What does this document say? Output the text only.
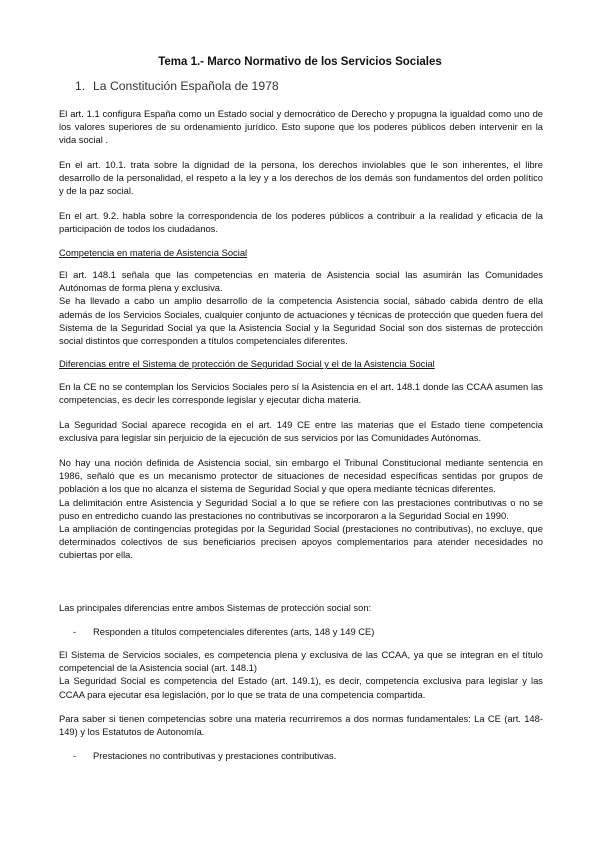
Tema 1.- Marco Normativo de los Servicios Sociales
1. La Constitución Española de 1978

El art. 1.1 configura España como un Estado social y democrático de Derecho y propugna la igualdad como uno de los valores superiores de su ordenamiento jurídico. Esto supone que los poderes públicos deben intervenir en la vida social .

En el art. 10.1. trata sobre la dignidad de la persona, los derechos inviolables que le son inherentes, el libre desarrollo de la personalidad, el respeto a la ley y a los derechos de los demás son fundamentos del orden político y de la paz social.

En el art. 9.2. habla sobre la correspondencia de los poderes públicos a contribuir a la realidad y eficacia de la participación de todos los ciudadanos.

Competencia en materia de Asistencia Social

El art. 148.1 señala que las competencias en materia de Asistencia social las asumirán las Comunidades Autónomas de forma plena y exclusiva.

Se ha llevado a cabo un amplio desarrollo de la competencia Asistencia social, sábado cabida dentro de ella además de los Servicios Sociales, cualquier conjunto de actuaciones y técnicas de protección que queden fuera del Sistema de la Seguridad Social ya que la Asistencia Social y la Seguridad Social son dos sistemas de protección social distintos que corresponden a títulos competenciales diferentes.

Diferencias entre el Sistema de protección de Seguridad Social y el de la Asistencia Social

En la CE no se contemplan los Servicios Sociales pero sí la Asistencia en el art. 148.1 donde las CCAA asumen las competencias, es decir les corresponde legislar y ejecutar dicha materia.

La Seguridad Social aparece recogida en el art. 149 CE entre las materias que el Estado tiene competencia exclusiva para legislar sin perjuicio de la ejecución de sus servicios por las Comunidades Autónomas.

No hay una noción definida de Asistencia social, sin embargo el Tribunal Constitucional mediante sentencia en 1986, señaló que es un mecanismo protector de situaciones de necesidad específicas sentidas por grupos de población a los que no alcanza el sistema de Seguridad Social y que opera mediante técnicas diferentes.

La delimitación entre Asistencia y Seguridad Social a lo que se refiere con las prestaciones contributivas o no se puso en entredicho cuando las prestaciones no contributivas se incorporaron a la Seguridad Social en 1990.

La ampliación de contingencias protegidas por la Seguridad Social (prestaciones no contributivas), no excluye, que determinados colectivos de sus beneficiarios precisen apoyos complementarios para atender necesidades no cubiertas por ella.

Las principales diferencias entre ambos Sistemas de protección social son:

- Responden a títulos competenciales diferentes (arts, 148 y 149 CE)

El Sistema de Servicios sociales, es competencia plena y exclusiva de las CCAA, ya que se integran en el título competencial de la Asistencia social (art. 148.1)

La Seguridad Social es competencia del Estado (art. 149.1), es decir, competencia exclusiva para legislar y las CCAA para ejecutar esa legislación, por lo que se trata de una competencia compartida.

Para saber si tienen competencias sobre una materia recurriremos a dos normas fundamentales: La CE (art. 148-149) y los Estatutos de Autonomía.

- Prestaciones no contributivas y prestaciones contributivas.
